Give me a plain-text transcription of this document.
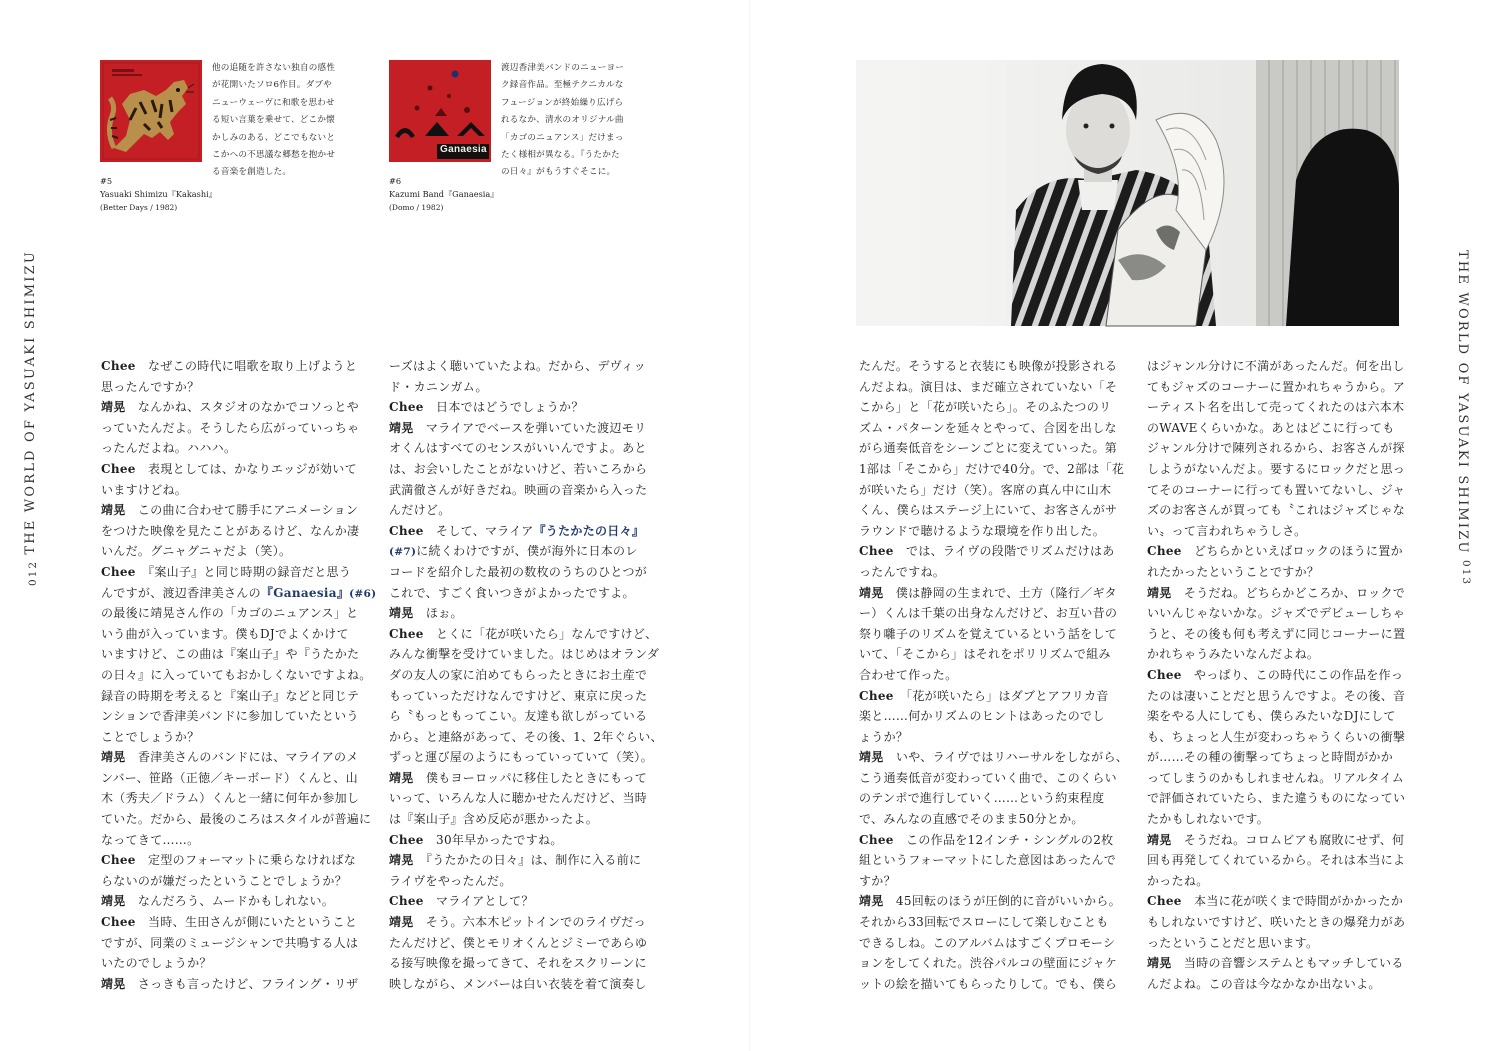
他の追随を許さない独自の感性
が花開いたソロ6作目。ダブや
ニューウェーヴに和歌を思わせ
る短い言葉を乗せて、どこか懐
かしみのある、どこでもないと
こかへの不思議な郷愁を抱かせ
る音楽を創造した。
#5
Yasuaki Shimizu『Kakashi』
(Better Days / 1982)
Ganaesia
渡辺香津美バンドのニューヨー
ク録音作品。至極テクニカルな
フュージョンが終始繰り広げら
れるなか、清水のオリジナル曲
「カゴのニュアンス」だけまっ
たく様相が異なる。『うたかた
の日々』がもうすぐそこに。
#6
Kazumi Band『Ganaesia』
(Domo / 1982)
THE WORLD OF YASUAKI SHIMIZU
012
THE WORLD OF YASUAKI SHIMIZU
013
Chee　なぜこの時代に唱歌を取り上げようと
思ったんですか？
靖晃　なんかね、スタジオのなかでコソっとや
っていたんだよ。そうしたら広がっていっちゃ
ったんだよね。ハハハ。
Chee　表現としては、かなりエッジが効いて
いますけどね。
靖晃　この曲に合わせて勝手にアニメーション
をつけた映像を見たことがあるけど、なんか凄
いんだ。グニャグニャだよ（笑）。
Chee　『案山子』と同じ時期の録音だと思う
んですが、渡辺香津美さんの『Ganaesia』(#6)
の最後に靖晃さん作の「カゴのニュアンス」と
いう曲が入っています。僕もDJでよくかけて
いますけど、この曲は『案山子』や『うたかた
の日々』に入っていてもおかしくないですよね。
録音の時期を考えると『案山子』などと同じテ
ンションで香津美バンドに参加していたという
ことでしょうか？
靖晃　香津美さんのバンドには、マライアのメ
ンバー、笹路（正徳／キーボード）くんと、山
木（秀夫／ドラム）くんと一緒に何年か参加し
ていた。だから、最後のころはスタイルが普遍に
なってきて……。
Chee　定型のフォーマットに乗らなければな
らないのが嫌だったということでしょうか？
靖晃　なんだろう、ムードかもしれない。
Chee　当時、生田さんが側にいたということ
ですが、同業のミュージシャンで共鳴する人は
いたのでしょうか？
靖晃　さっきも言ったけど、フライング・リザ
ーズはよく聴いていたよね。だから、デヴィッ
ド・カニンガム。
Chee　日本ではどうでしょうか？
靖晃　マライアでベースを弾いていた渡辺モリ
オくんはすべてのセンスがいいんですよ。あと
は、お会いしたことがないけど、若いころから
武満徹さんが好きだね。映画の音楽から入った
んだけど。
Chee　そして、マライア『うたかたの日々』
(#7)に続くわけですが、僕が海外に日本のレ
コードを紹介した最初の数枚のうちのひとつが
これで、すごく食いつきがよかったですよ。
靖晃　ほぉ。
Chee　とくに「花が咲いたら」なんですけど、
みんな衝撃を受けていました。はじめはオランダ
ダの友人の家に泊めてもらったときにお土産で
もっていっただけなんですけど、東京に戻った
ら〝もっともってこい。友達も欲しがっている
から〟と連絡があって、その後、1、2年ぐらい、
ずっと運び屋のようにもっていっていて（笑）。
靖晃　僕もヨーロッパに移住したときにもって
いって、いろんな人に聴かせたんだけど、当時
は『案山子』含め反応が悪かったよ。
Chee　30年早かったですね。
靖晃　『うたかたの日々』は、制作に入る前に
ライヴをやったんだ。
Chee　マライアとして？
靖晃　そう。六本木ピットインでのライヴだっ
たんだけど、僕とモリオくんとジミーであらゆ
る接写映像を撮ってきて、それをスクリーンに
映しながら、メンバーは白い衣装を着て演奏し
たんだ。そうすると衣装にも映像が投影される
んだよね。演目は、まだ確立されていない「そ
こから」と「花が咲いたら」。そのふたつのリ
ズム・パターンを延々とやって、合図を出しな
がら通奏低音をシーンごとに変えていった。第
1部は「そこから」だけで40分。で、2部は「花
が咲いたら」だけ（笑）。客席の真ん中に山木
くん、僕らはステージ上にいて、お客さんがサ
ラウンドで聴けるような環境を作り出した。
Chee　では、ライヴの段階でリズムだけはあ
ったんですね。
靖晃　僕は静岡の生まれで、土方（隆行／ギタ
ー）くんは千葉の出身なんだけど、お互い昔の
祭り囃子のリズムを覚えているという話をして
いて、「そこから」はそれをポリリズムで組み
合わせて作った。
Chee　「花が咲いたら」はダブとアフリカ音
楽と……何かリズムのヒントはあったのでし
ょうか？
靖晃　いや、ライヴではリハーサルをしながら、
こう通奏低音が変わっていく曲で、このくらい
のテンポで進行していく……という約束程度
で、みんなの直感でそのまま50分とか。
Chee　この作品を12インチ・シングルの2枚
組というフォーマットにした意図はあったんで
すか？
靖晃　45回転のほうが圧倒的に音がいいから。
それから33回転でスローにして楽しむことも
できるしね。このアルバムはすごくプロモーシ
ョンをしてくれた。渋谷パルコの壁面にジャケ
ットの絵を描いてもらったりして。でも、僕ら
はジャンル分けに不満があったんだ。何を出し
てもジャズのコーナーに置かれちゃうから。ア
ーティスト名を出して売ってくれたのは六本木
のWAVEくらいかな。あとはどこに行っても
ジャンル分けで陳列されるから、お客さんが探
しようがないんだよ。要するにロックだと思っ
てそのコーナーに行っても置いてないし、ジャ
ズのお客さんが買っても〝これはジャズじゃな
い〟って言われちゃうしさ。
Chee　どちらかといえばロックのほうに置か
れたかったということですか？
靖晃　そうだね。どちらかどころか、ロックで
いいんじゃないかな。ジャズでデビューしちゃ
うと、その後も何も考えずに同じコーナーに置
かれちゃうみたいなんだよね。
Chee　やっぱり、この時代にこの作品を作っ
たのは凄いことだと思うんですよ。その後、音
楽をやる人にしても、僕らみたいなDJにして
も、ちょっと人生が変わっちゃうくらいの衝撃
が……その種の衝撃ってちょっと時間がかか
ってしまうのかもしれませんね。リアルタイム
で評価されていたら、また違うものになってい
たかもしれないです。
靖晃　そうだね。コロムビアも腐敗にせず、何
回も再発してくれているから。それは本当によ
かったね。
Chee　本当に花が咲くまで時間がかかったか
もしれないですけど、咲いたときの爆発力があ
ったということだと思います。
靖晃　当時の音響システムともマッチしている
んだよね。この音は今なかなか出ないよ。
